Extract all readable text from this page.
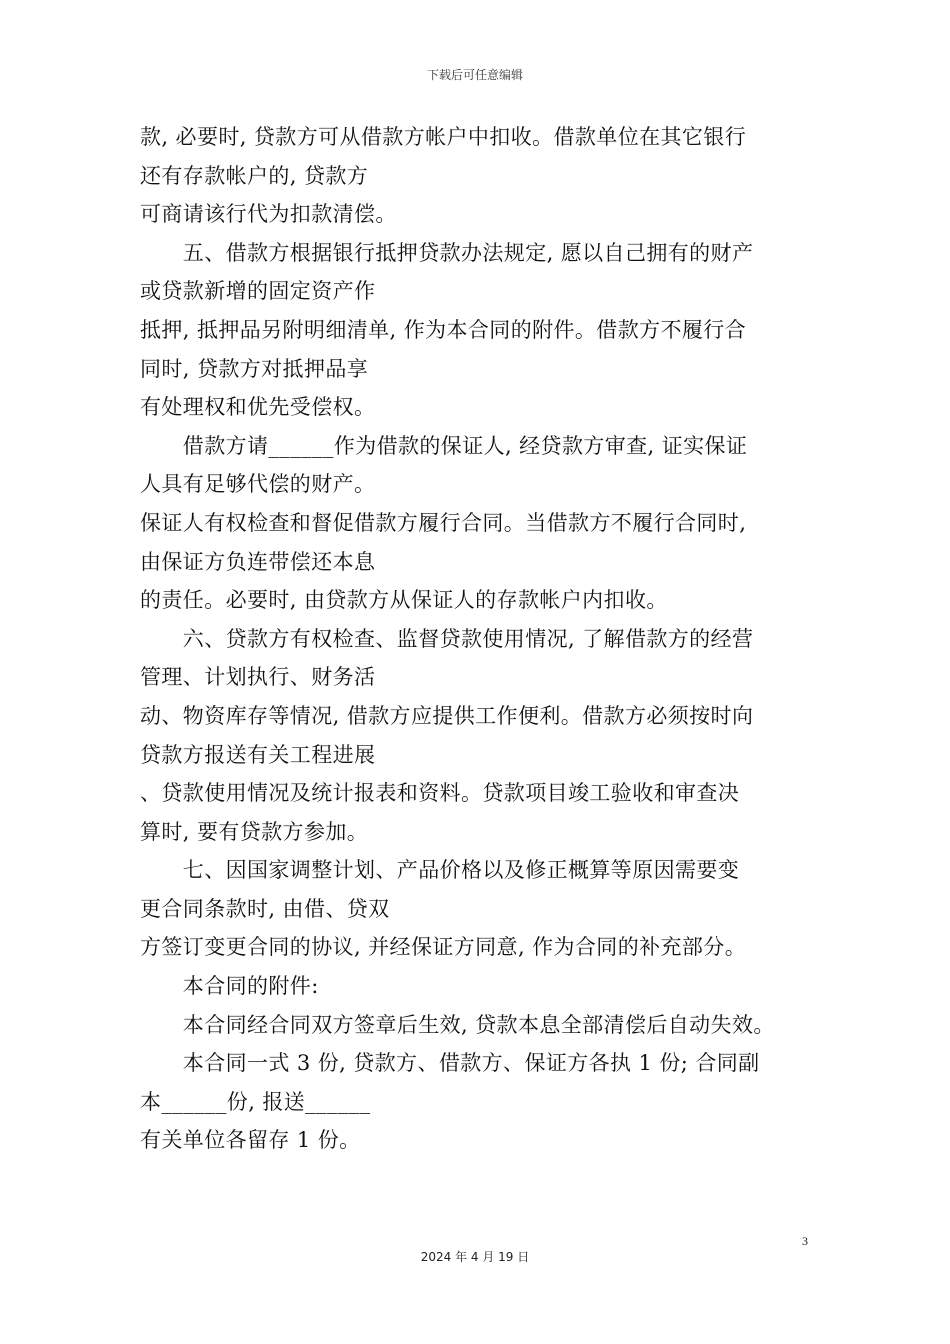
下载后可任意编辑
款, 必要时, 贷款方可从借款方帐户中扣收。借款单位在其它银行
还有存款帐户的, 贷款方
可商请该行代为扣款清偿。
　　五、借款方根据银行抵押贷款办法规定, 愿以自己拥有的财产
或贷款新增的固定资产作
抵押, 抵押品另附明细清单, 作为本合同的附件。借款方不履行合
同时, 贷款方对抵押品享
有处理权和优先受偿权。
　　借款方请______作为借款的保证人, 经贷款方审查, 证实保证
人具有足够代偿的财产。
保证人有权检查和督促借款方履行合同。当借款方不履行合同时,
由保证方负连带偿还本息
的责任。必要时, 由贷款方从保证人的存款帐户内扣收。
　　六、贷款方有权检查、监督贷款使用情况, 了解借款方的经营
管理、计划执行、财务活
动、物资库存等情况, 借款方应提供工作便利。借款方必须按时向
贷款方报送有关工程进展
、贷款使用情况及统计报表和资料。贷款项目竣工验收和审查决
算时, 要有贷款方参加。
　　七、因国家调整计划、产品价格以及修正概算等原因需要变
更合同条款时, 由借、贷双
方签订变更合同的协议, 并经保证方同意, 作为合同的补充部分。
　　本合同的附件:
　　本合同经合同双方签章后生效, 贷款本息全部清偿后自动失效。
　　本合同一式 3 份, 贷款方、借款方、保证方各执 1 份; 合同副
本______份, 报送______
有关单位各留存 1 份。
3
2024 年 4 月 19 日
